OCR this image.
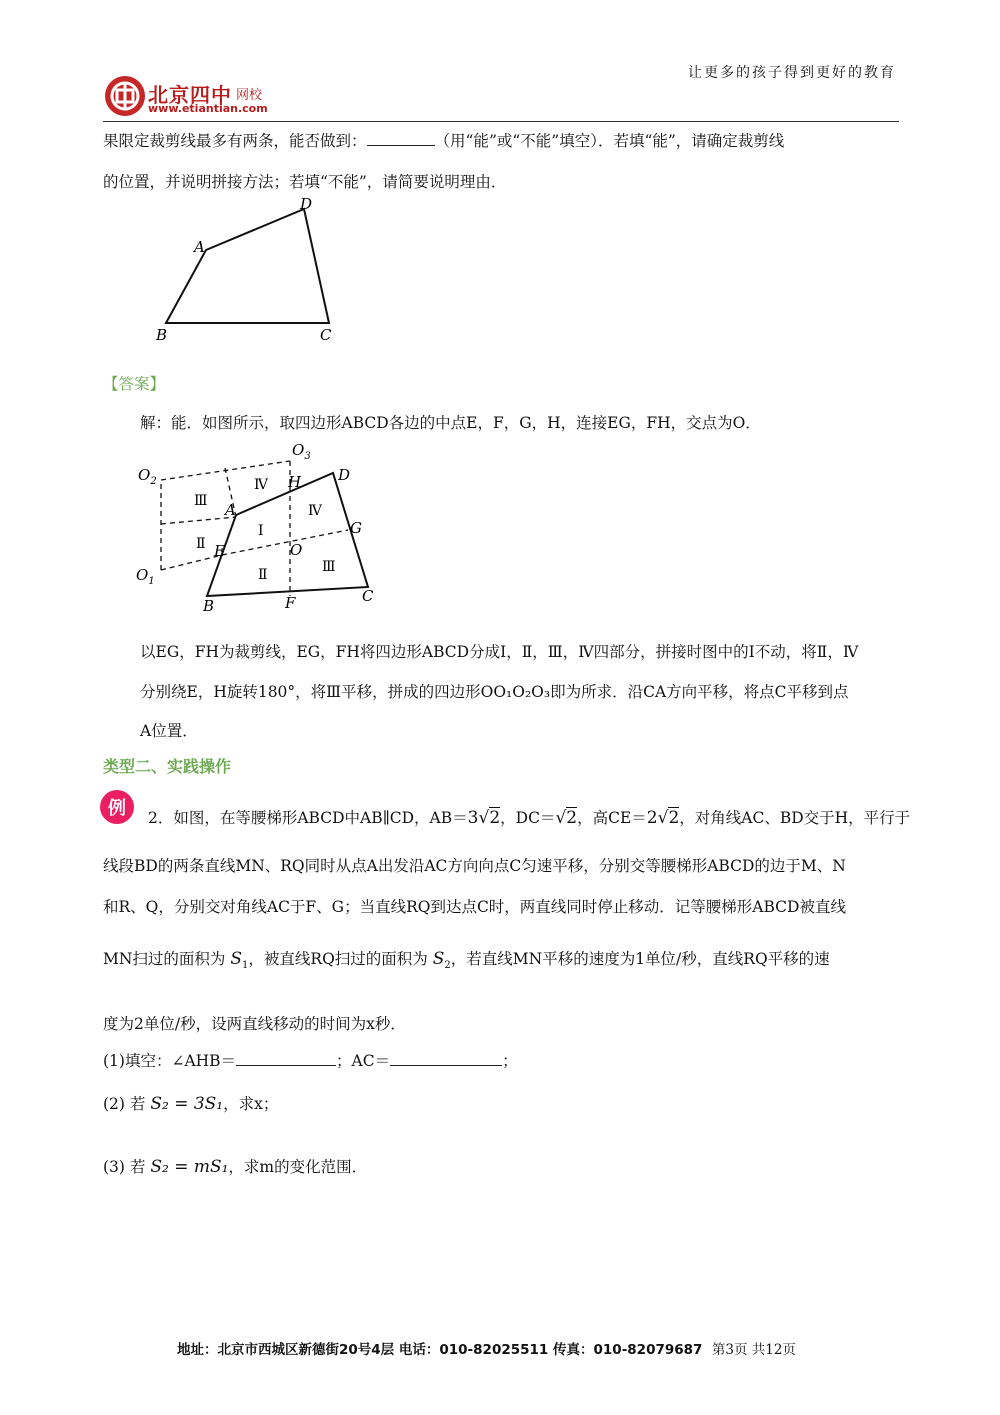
让更多的孩子得到更好的教育
北京四中 网校
www.etiantian.com
果限定裁剪线最多有两条，能否做到：	（用“能”或“不能”填空）．若填“能”，请确定裁剪线
的位置，并说明拼接方法；若填“不能”，请简要说明理由．
A
D
B	C
【答案】
解：能．如图所示，取四边形ABCD各边的中点E，F，G，H，连接EG，FH，交点为O．
$O_1$
$O_2$
$O_3$
A
D
H
G
E	O
B	F	C
Ⅲ
Ⅳ
Ⅱ
Ⅰ
Ⅳ
Ⅱ	Ⅲ
以EG，FH为裁剪线，EG，FH将四边形ABCD分成Ⅰ，Ⅱ，Ⅲ，Ⅳ四部分，拼接时图中的Ⅰ不动，将Ⅱ，Ⅳ
分别绕E，H旋转180°，将Ⅲ平移，拼成的四边形OO₁O₂O₃即为所求．沿CA方向平移，将点C平移到点
A位置．
类型二、实践操作
例 2．如图，在等腰梯形ABCD中AB∥CD，AB＝3√2，DC＝√2，高CE＝2√2，对角线AC、BD交于H，平行于
线段BD的两条直线MN、RQ同时从点A出发沿AC方向向点C匀速平移，分别交等腰梯形ABCD的边于M、N
和R、Q，分别交对角线AC于F、G；当直线RQ到达点C时，两直线同时停止移动．记等腰梯形ABCD被直线
MN扫过的面积为 $S_1$，被直线RQ扫过的面积为 $S_2$，若直线MN平移的速度为1单位/秒，直线RQ平移的速
度为2单位/秒，设两直线移动的时间为x秒．
(1)填空：∠AHB＝	；AC＝	；
(2) 若 S₂ = 3S₁，求x；
(3) 若 S₂ = mS₁，求m的变化范围．
地址：北京市西城区新德街20号4层 电话：010-82025511 传真：010-82079687 第3页 共12页
